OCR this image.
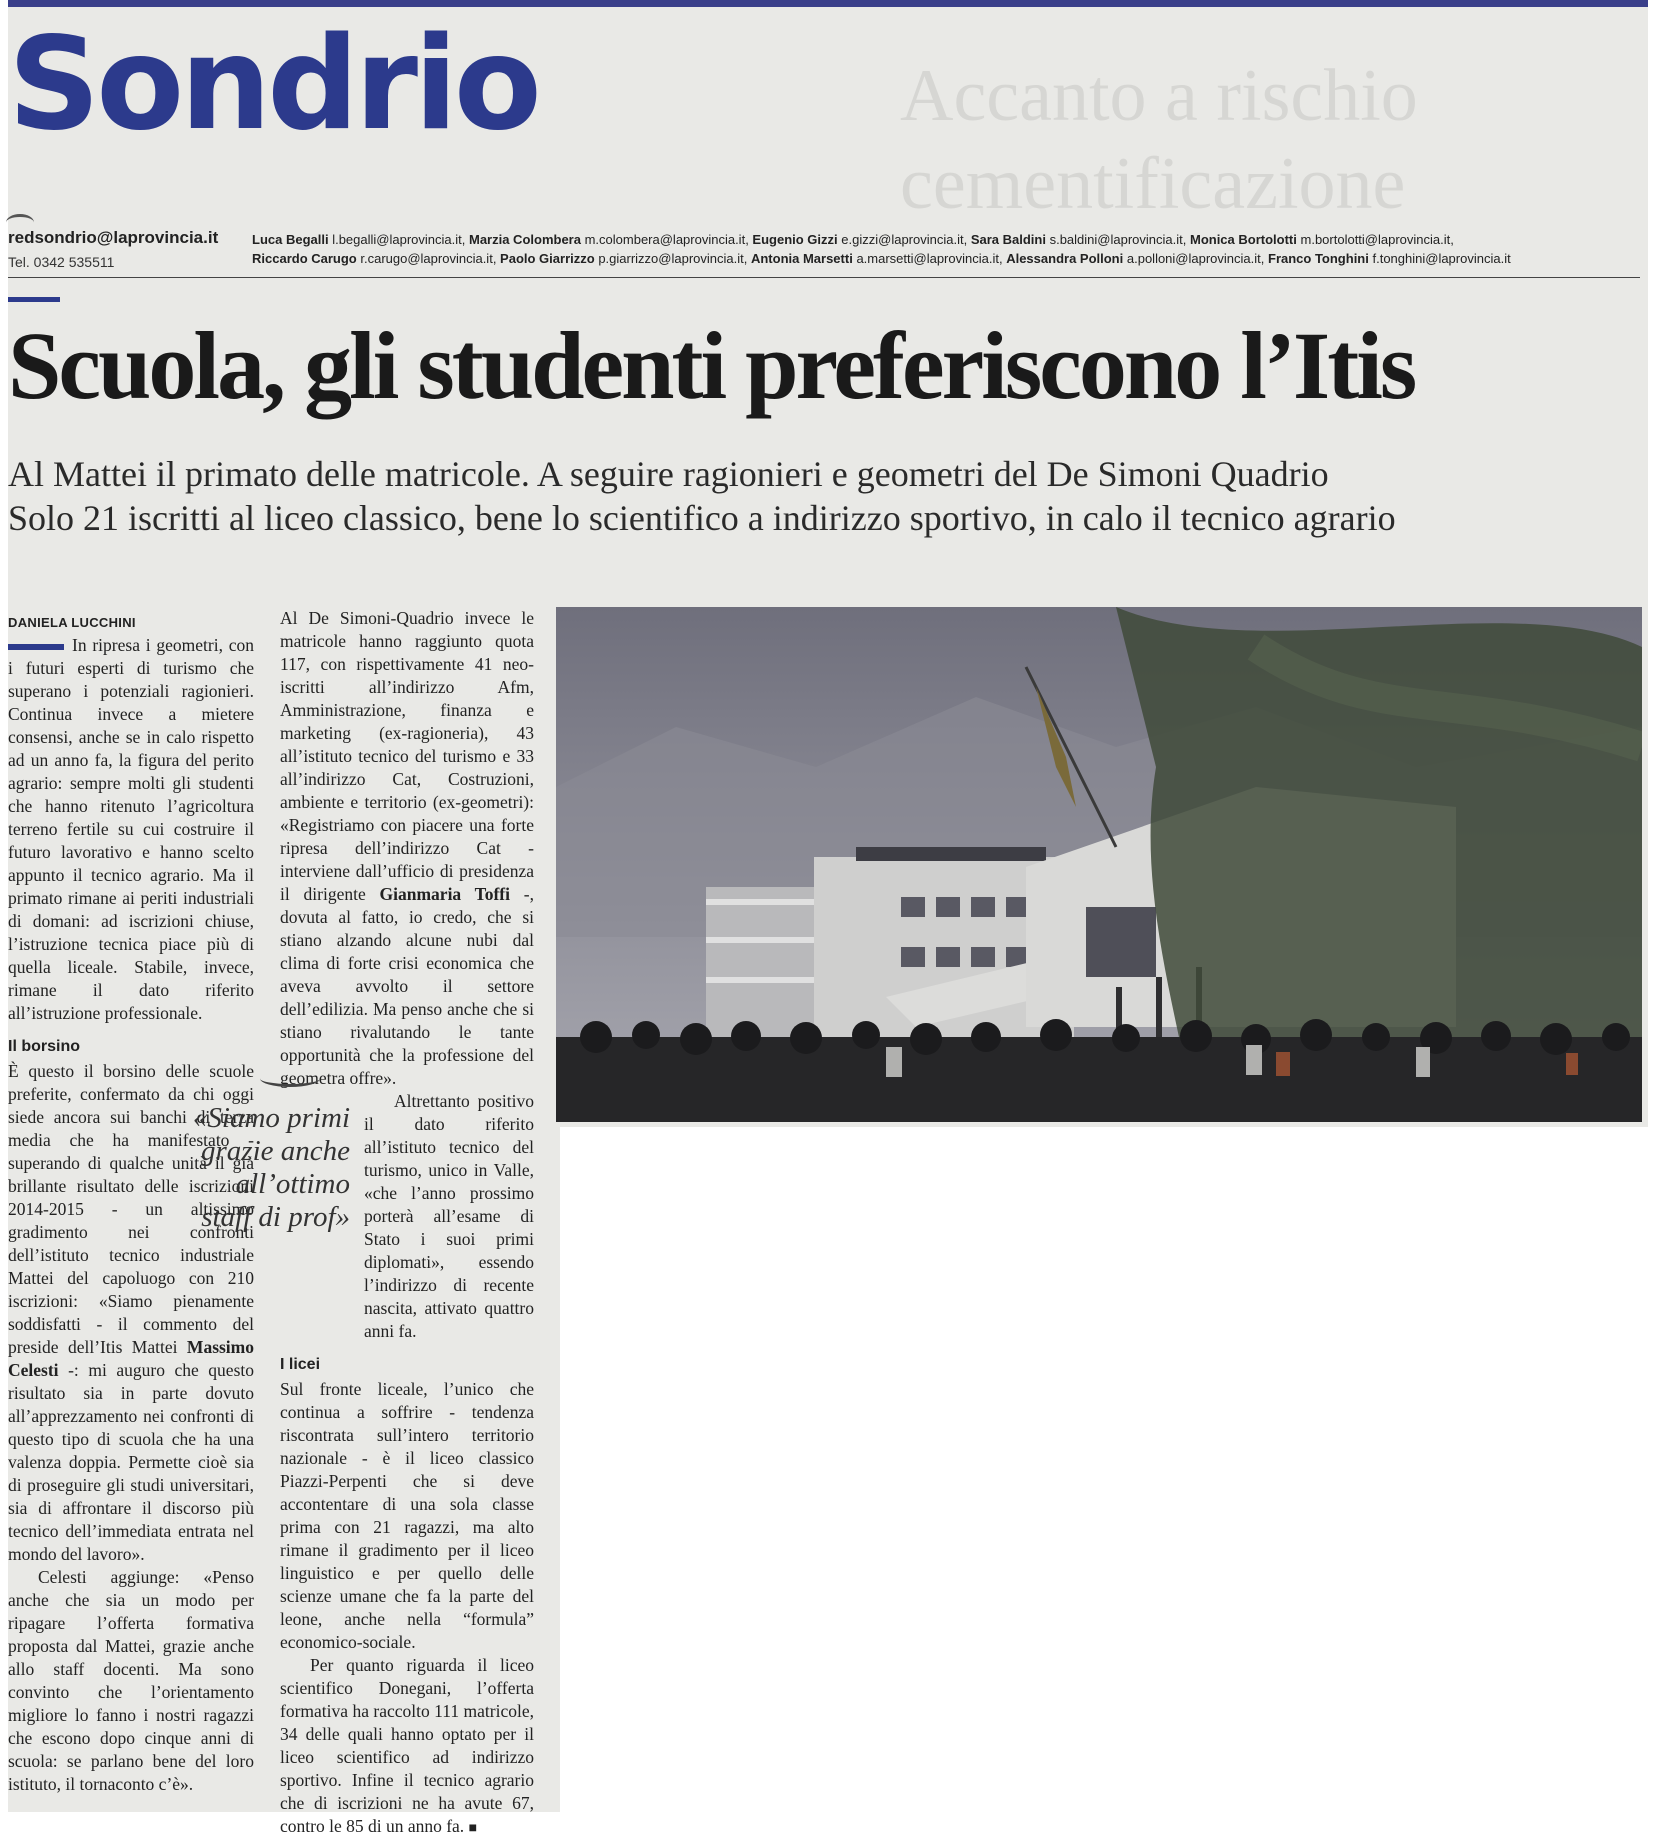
Accanto a rischio
cementificazione
Sondrio
redsondrio@laprovincia.it
Tel. 0342 535511
Luca Begalli l.begalli@laprovincia.it, Marzia Colombera m.colombera@laprovincia.it, Eugenio Gizzi e.gizzi@laprovincia.it, Sara Baldini s.baldini@laprovincia.it, Monica Bortolotti m.bortolotti@laprovincia.it,
Riccardo Carugo r.carugo@laprovincia.it, Paolo Giarrizzo p.giarrizzo@laprovincia.it, Antonia Marsetti a.marsetti@laprovincia.it, Alessandra Polloni a.polloni@laprovincia.it, Franco Tonghini f.tonghini@laprovincia.it
Scuola, gli studenti preferiscono l’Itis
Al Mattei il primato delle matricole. A seguire ragionieri e geometri del De Simoni Quadrio
Solo 21 iscritti al liceo classico, bene lo scientifico a indirizzo sportivo, in calo il tecnico agrario
DANIELA LUCCHINI

In ripresa i geometri, con i futuri esperti di turismo che superano i potenziali ragionieri. Continua invece a mietere consensi, anche se in calo rispetto ad un anno fa, la figura del perito agrario: sempre molti gli studenti che hanno ritenuto l’agricoltura terreno fertile su cui costruire il futuro lavorativo e hanno scelto appunto il tecnico agrario. Ma il primato rimane ai periti industriali di domani: ad iscrizioni chiuse, l’istruzione tecnica piace più di quella liceale. Stabile, invece, rimane il dato riferito all’istruzione professionale.

Il borsino

È questo il borsino delle scuole preferite, confermato da chi oggi siede ancora sui banchi di terza media che ha manifestato - superando di qualche unità il già brillante risultato delle iscrizioni 2014-2015 - un altissimo gradimento nei confronti dell’istituto tecnico industriale Mattei del capoluogo con 210 iscrizioni: «Siamo pienamente soddisfatti - il commento del preside dell’Itis Mattei Massimo Celesti -: mi auguro che questo risultato sia in parte dovuto all’apprezzamento nei confronti di questo tipo di scuola che ha una valenza doppia. Permette cioè sia di proseguire gli studi universitari, sia di affrontare il discorso più tecnico dell’immediata entrata nel mondo del lavoro».

Celesti aggiunge: «Penso anche che sia un modo per ripagare l’offerta formativa proposta dal Mattei, grazie anche allo staff docenti. Ma sono convinto che l’orientamento migliore lo fanno i nostri ragazzi che escono dopo cinque anni di scuola: se parlano bene del loro istituto, il tornaconto c’è».

Al De Simoni-Quadrio invece le matricole hanno raggiunto quota 117, con rispettivamente 41 neo-iscritti all’indirizzo Afm, Amministrazione, finanza e marketing (ex-ragioneria), 43 all’istituto tecnico del turismo e 33 all’indirizzo Cat, Costruzioni, ambiente e territorio (ex-geometri): «Registriamo con piacere una forte ripresa dell’indirizzo Cat - interviene dall’ufficio di presidenza il dirigente Gianmaria Toffi -, dovuta al fatto, io credo, che si stiano alzando alcune nubi dal clima di forte crisi economica che aveva avvolto il settore dell’edilizia. Ma penso anche che si stiano rivalutando le tante opportunità che la professione del geometra offre».

Altrettanto positivo il dato riferito all’istituto tecnico del turismo, unico in Valle, «che l’anno prossimo porterà all’esame di Stato i suoi primi diplomati», essendo l’indirizzo di recente nascita, attivato quattro anni fa.

I licei

Sul fronte liceale, l’unico che continua a soffrire - tendenza riscontrata sull’intero territorio nazionale - è il liceo classico Piazzi-Perpenti che si deve accontentare di una sola classe prima con 21 ragazzi, ma alto rimane il gradimento per il liceo linguistico e per quello delle scienze umane che fa la parte del leone, anche nella “formula” economico-sociale.

Per quanto riguarda il liceo scientifico Donegani, l’offerta formativa ha raccolto 111 matricole, 34 delle quali hanno optato per il liceo scientifico ad indirizzo sportivo. Infine il tecnico agrario che di iscrizioni ne ha avute 67, contro le 85 di un anno fa. ■

«Siamo primi grazie anche all’ottimo staff di prof»
